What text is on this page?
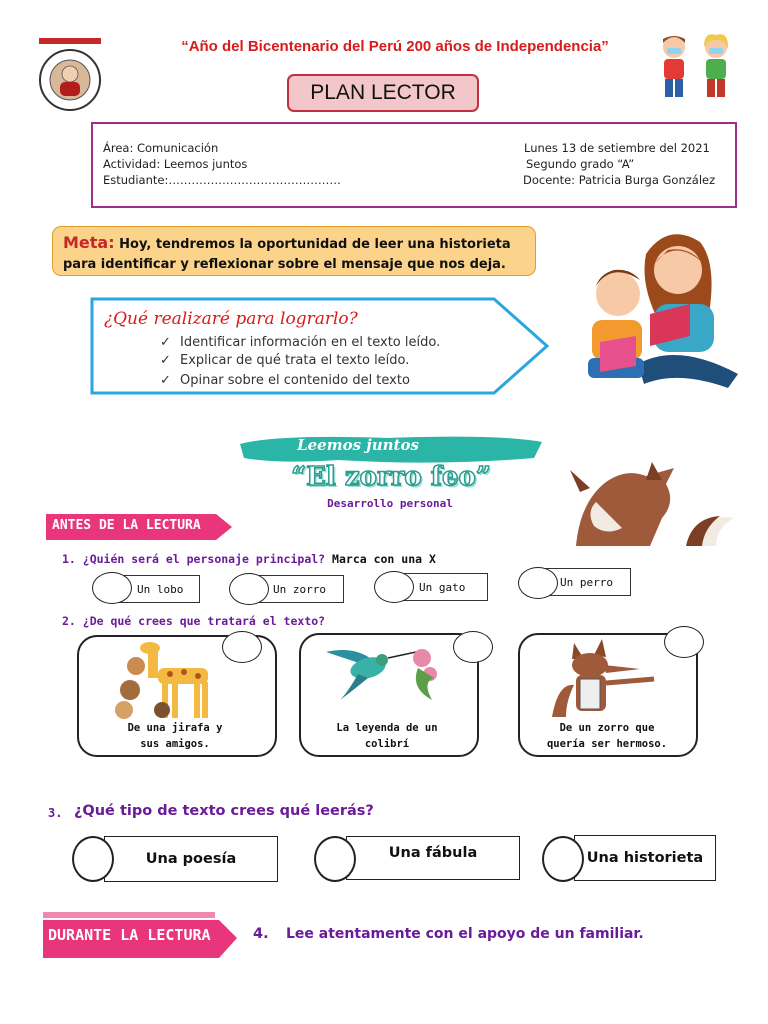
“Año del Bicentenario del Perú 200 años de Independencia”
PLAN LECTOR
Área: Comunicación
Actividad: Leemos juntos
Estudiante:………………………………………
Lunes 13 de setiembre del 2021
Segundo grado “A”
Docente: Patricia Burga González
Meta: Hoy, tendremos la oportunidad de leer una historieta para identificar y reflexionar sobre el mensaje que nos deja.
¿Qué realizaré para lograrlo?
✓ Identificar información en el texto leído.
✓ Explicar de qué trata el texto leído.
✓ Opinar sobre el contenido del texto
Leemos juntos
“El zorro feo”
Desarrollo personal
ANTES DE LA LECTURA
1. ¿Quién será el personaje principal? Marca con una X
Un lobo	Un zorro	Un gato	Un perro
2. ¿De qué crees que tratará el texto?
De una jirafa y
sus amigos.
La leyenda de un
colibrí
De un zorro que
quería ser hermoso.
3. ¿Qué tipo de texto crees qué leerás?
Una poesía	Una fábula	Una historieta
DURANTE LA LECTURA	4. Lee atentamente con el apoyo de un familiar.
